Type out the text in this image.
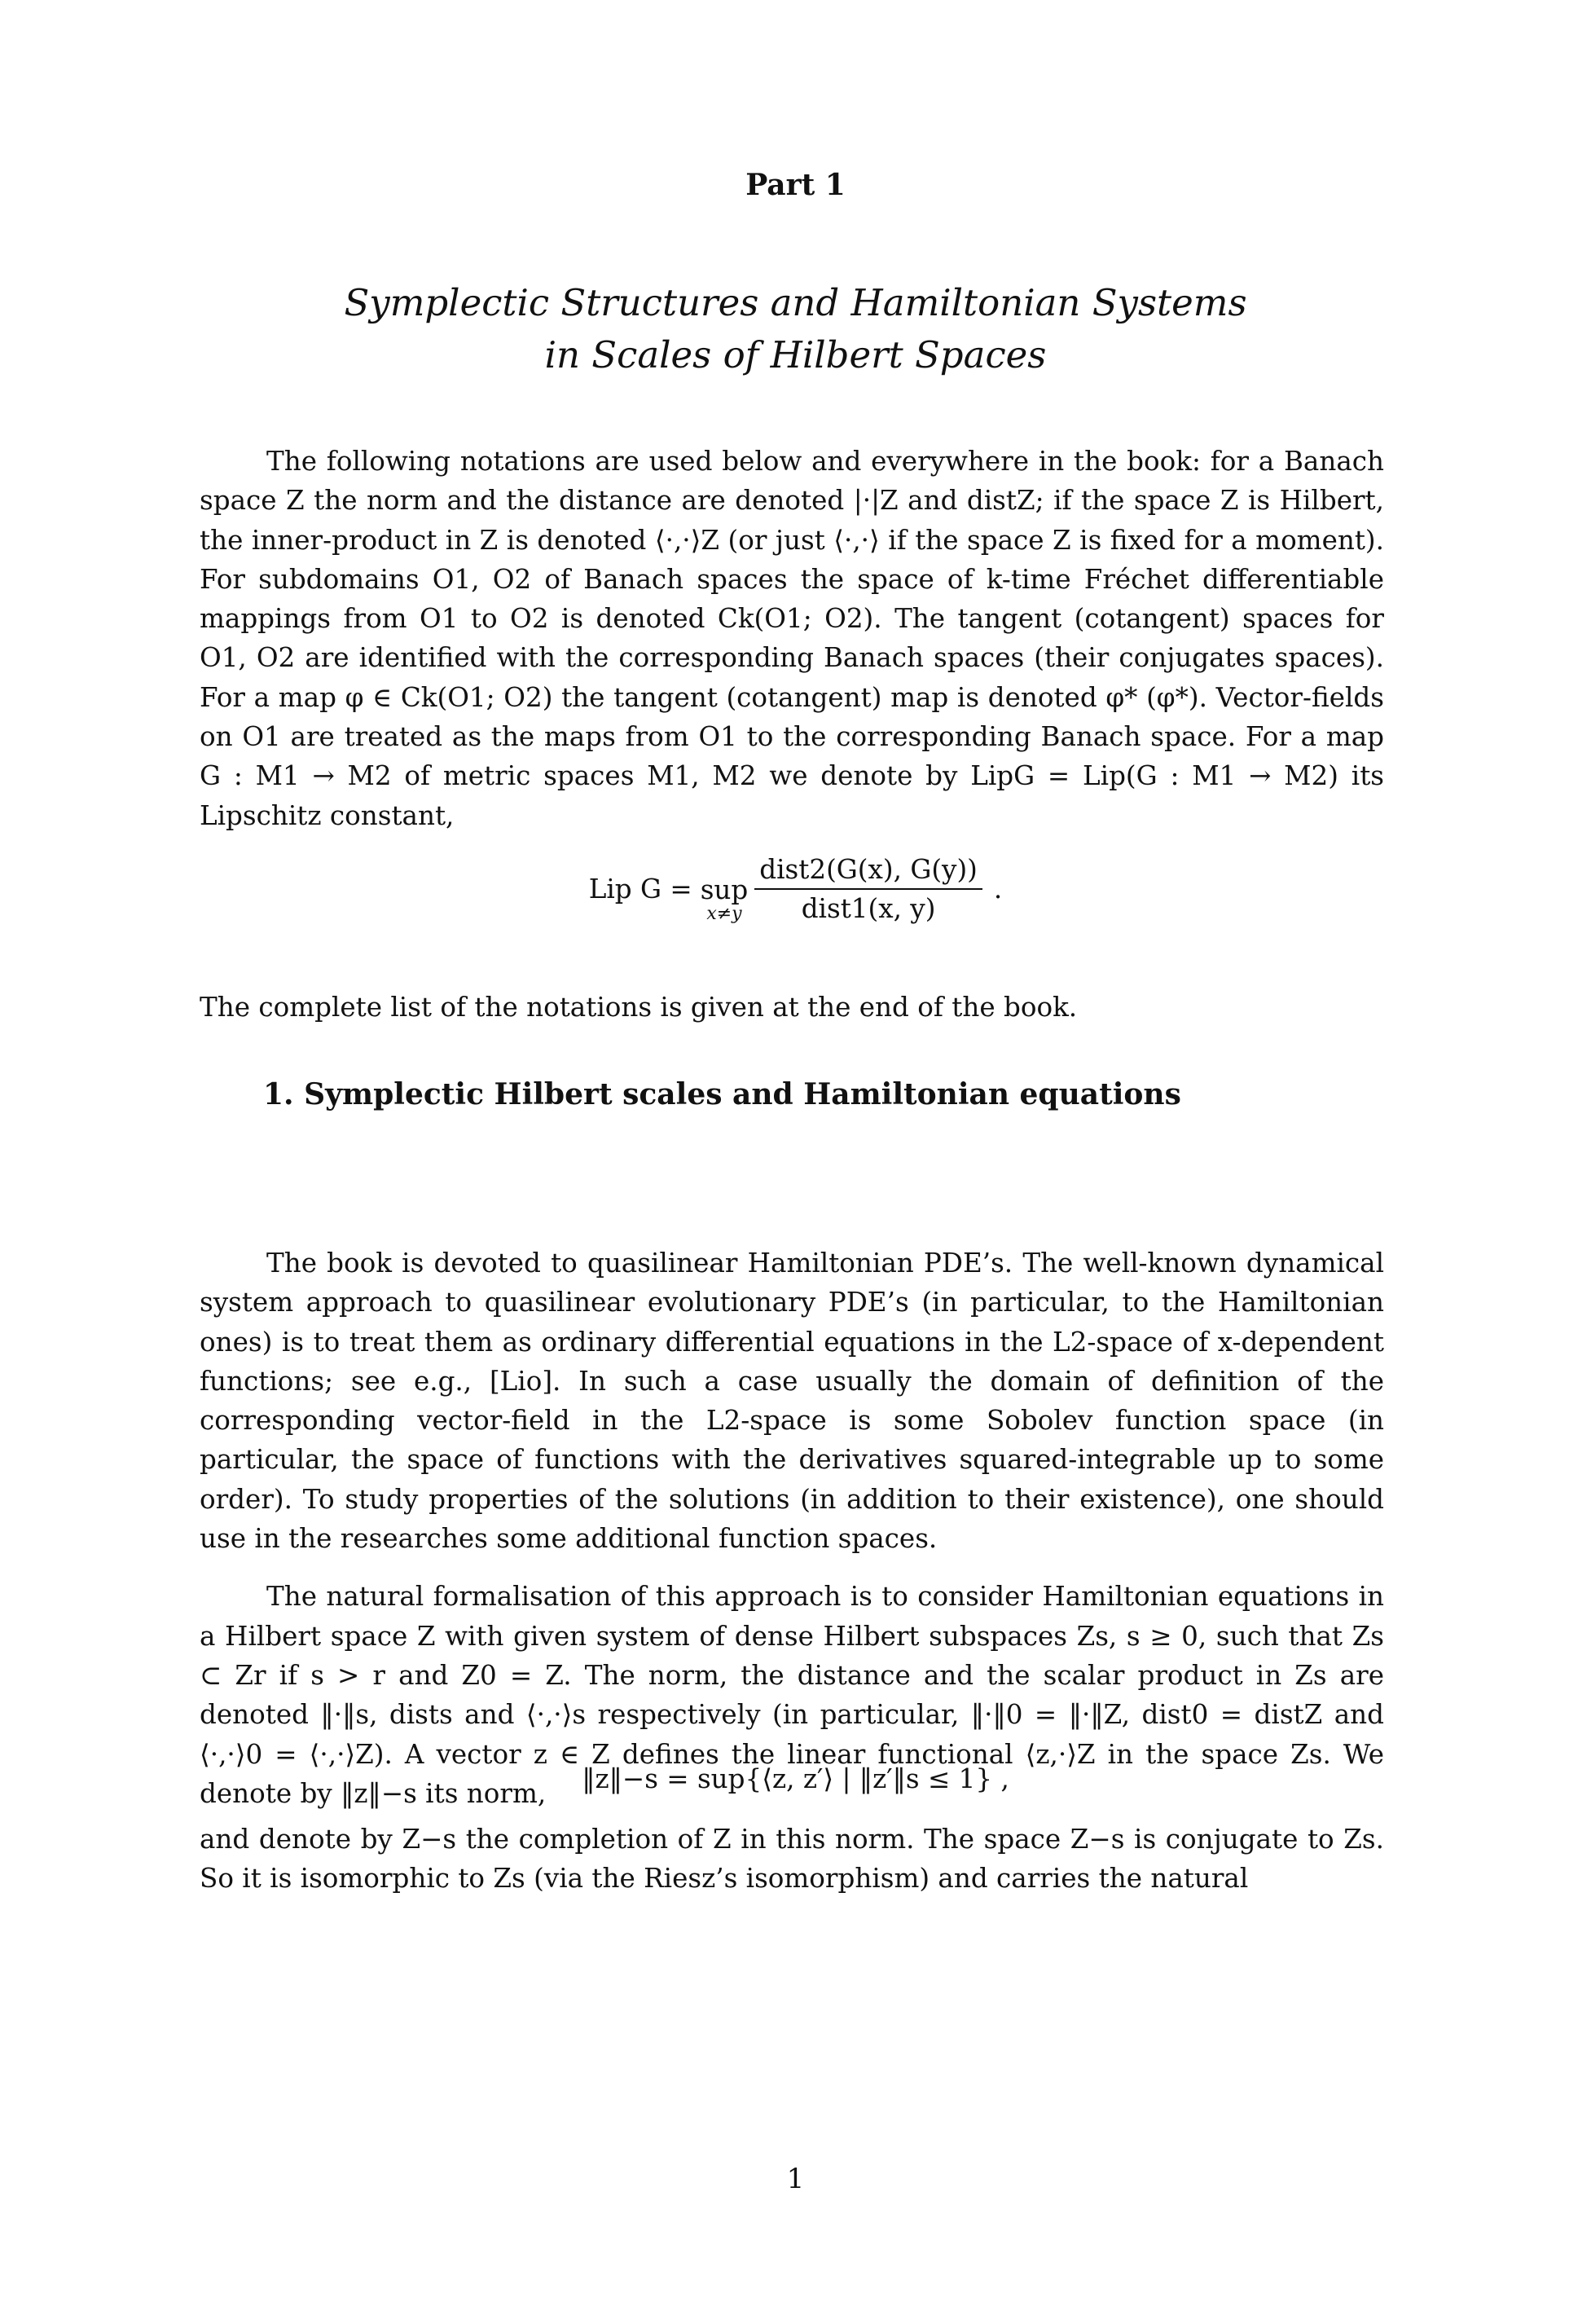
Part 1
Symplectic Structures and Hamiltonian Systems
in Scales of Hilbert Spaces

The following notations are used below and everywhere in the book: for a Banach space Z the norm and the distance are denoted |·|Z and distZ; if the space Z is Hilbert, the inner-product in Z is denoted ⟨·,·⟩Z (or just ⟨·,·⟩ if the space Z is fixed for a moment). For subdomains O1, O2 of Banach spaces the space of k-time Fréchet differentiable mappings from O1 to O2 is denoted Ck(O1; O2). The tangent (cotangent) spaces for O1, O2 are identified with the corresponding Banach spaces (their conjugates spaces). For a map φ ∈ Ck(O1; O2) the tangent (cotangent) map is denoted φ* (φ*). Vector-fields on O1 are treated as the maps from O1 to the corresponding Banach space. For a map G : M1 → M2 of metric spaces M1, M2 we denote by LipG = Lip(G : M1 → M2) its Lipschitz constant,

Lip G = sup
$x\ne y \frac{\text{dist2(G(x), G(y))}}{\text{dist1(x, y)}}$ .

The complete list of the notations is given at the end of the book.

1. Symplectic Hilbert scales and Hamiltonian equations

The book is devoted to quasilinear Hamiltonian PDE’s. The well-known dynamical system approach to quasilinear evolutionary PDE’s (in particular, to the Hamiltonian ones) is to treat them as ordinary differential equations in the L2-space of x-dependent functions; see e.g., [Lio]. In such a case usually the domain of definition of the corresponding vector-field in the L2-space is some Sobolev function space (in particular, the space of functions with the derivatives squared-integrable up to some order). To study properties of the solutions (in addition to their existence), one should use in the researches some additional function spaces.

The natural formalisation of this approach is to consider Hamiltonian equations in a Hilbert space Z with given system of dense Hilbert subspaces Zs, s ≥ 0, such that Zs ⊂ Zr if s > r and Z0 = Z. The norm, the distance and the scalar product in Zs are denoted ‖·‖s, dists and ⟨·,·⟩s respectively (in particular, ‖·‖0 = ‖·‖Z, dist0 = distZ and ⟨·,·⟩0 = ⟨·,·⟩Z). A vector z ∈ Z defines the linear functional ⟨z,·⟩Z in the space Zs. We denote by ‖z‖−s its norm,	‖z‖−s = sup{⟨z, z′⟩ | ‖z′‖s ≤ 1} ,

and denote by Z−s the completion of Z in this norm. The space Z−s is conjugate to Zs. So it is isomorphic to Zs (via the Riesz’s isomorphism) and carries the natural

1
